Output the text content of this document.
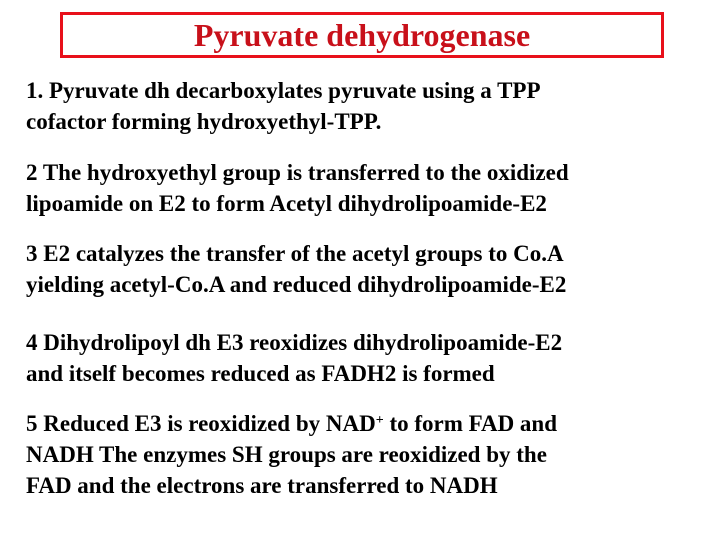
Pyruvate dehydrogenase

1. Pyruvate dh decarboxylates pyruvate using a TPP
cofactor forming hydroxyethyl-TPP.

2 The hydroxyethyl group is transferred to the oxidized
lipoamide on E2 to form Acetyl dihydrolipoamide-E2

3 E2 catalyzes the transfer of the acetyl groups to Co.A
yielding acetyl-Co.A and reduced dihydrolipoamide-E2

4 Dihydrolipoyl dh E3 reoxidizes dihydrolipoamide-E2
and itself becomes reduced as FADH2 is formed

5 Reduced E3 is reoxidized by NAD+ to form FAD and
NADH The enzymes SH groups are reoxidized by the
FAD and the electrons are transferred to NADH
